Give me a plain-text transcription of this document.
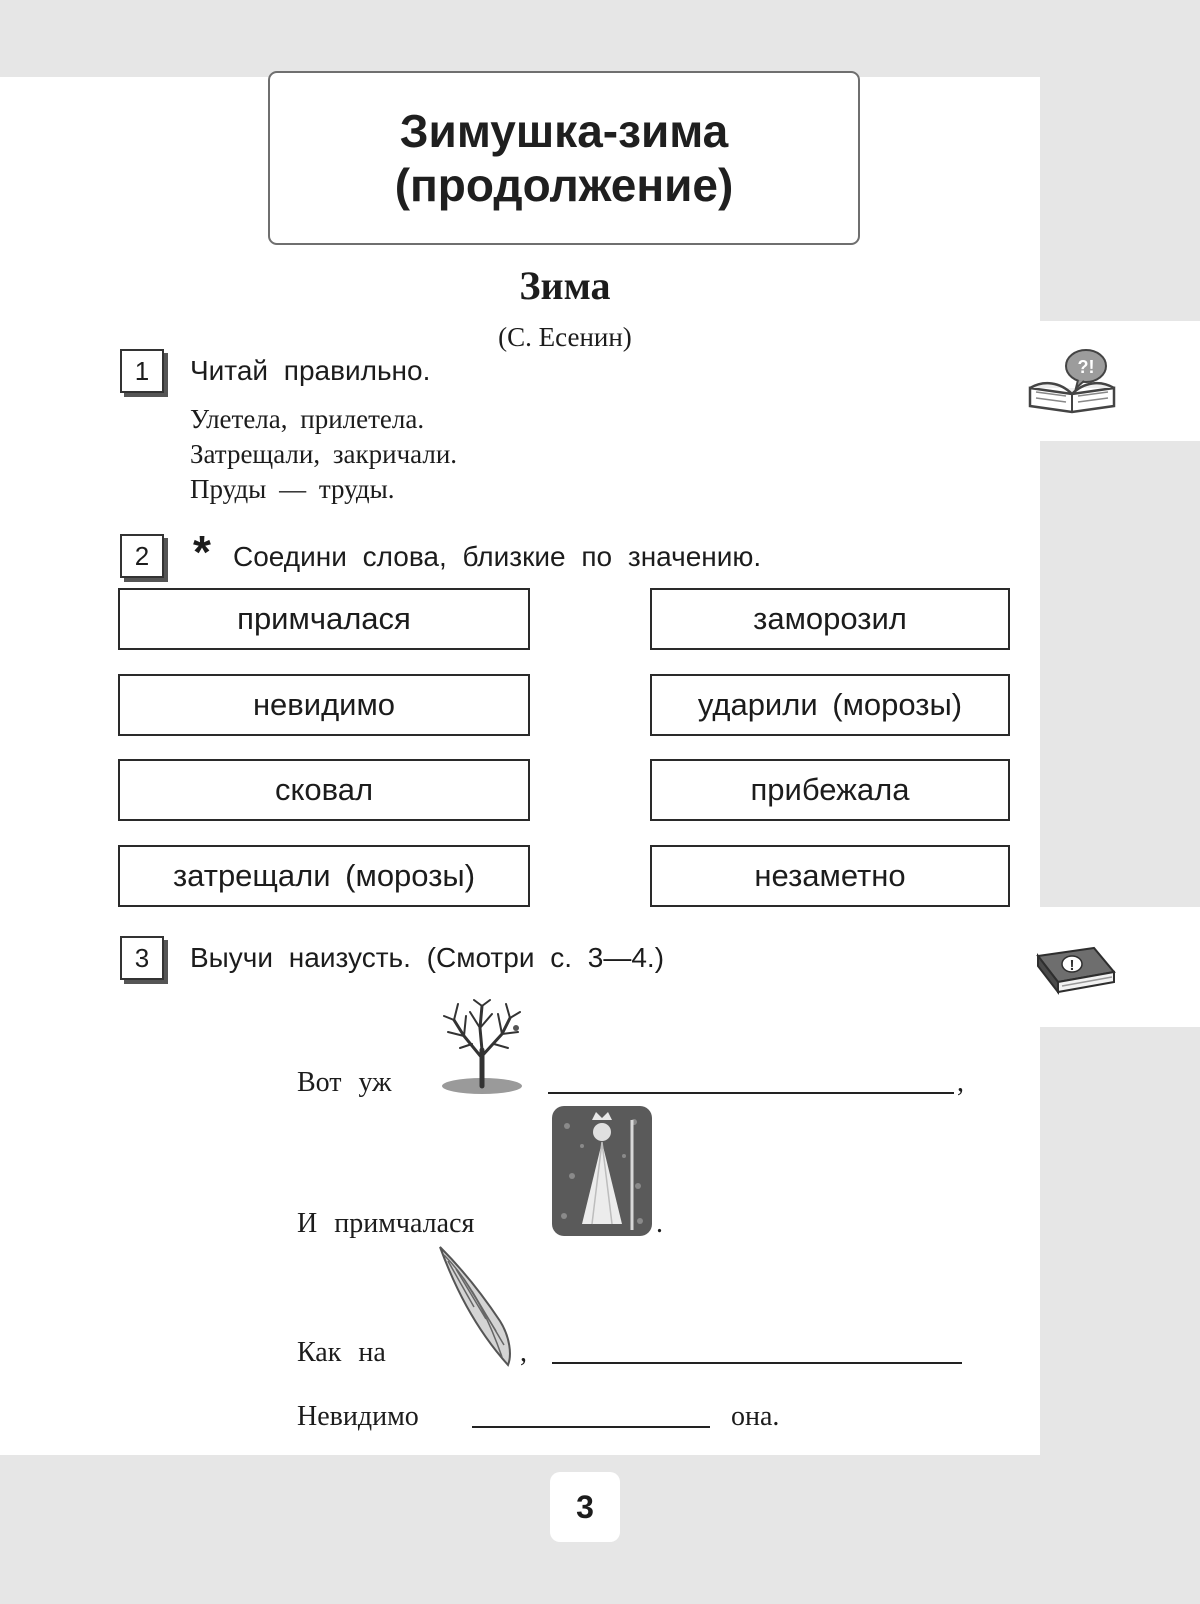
Зимушка-зима
(продолжение)
Зима
(С. Есенин)
1	Читай правильно.
Улетела, прилетела.
Затрещали, закричали.
Пруды — труды.
2 * Соедини слова, близкие по значению.
примчалася
невидимо
сковал
затрещали (морозы)
заморозил
ударили (морозы)
прибежала
незаметно
3	Выучи наизусть. (Смотри с. 3—4.)
Вот уж	,
И примчалася	.
Как на	,
Невидимо	она.
?!
!
3
